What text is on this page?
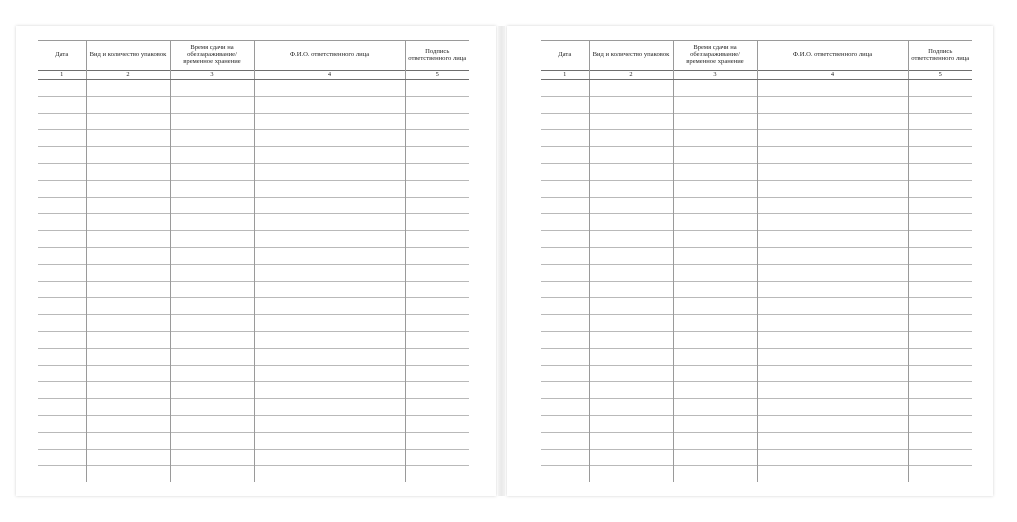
Дата	Вид и количество упаковок	Время сдачи на обеззараживание/ временное хранение	Ф.И.О. ответственного лица	Подпись ответственного лица
1	2	3	4	5

Дата	Вид и количество упаковок	Время сдачи на обеззараживание/ временное хранение	Ф.И.О. ответственного лица	Подпись ответственного лица
1	2	3	4	5
